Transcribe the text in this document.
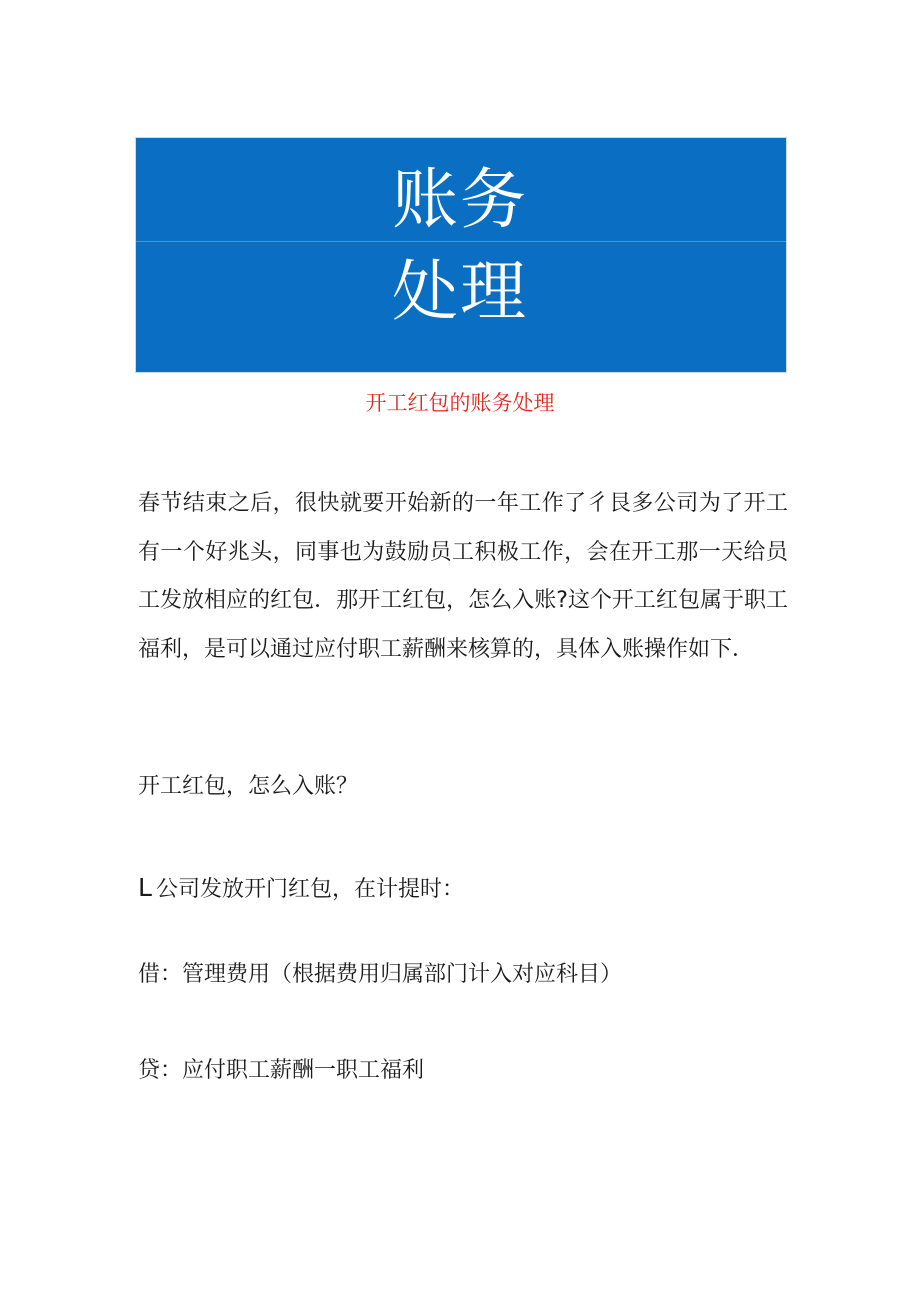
账务
处理
开工红包的账务处理
春节结束之后，很快就要开始新的一年工作了彳艮多公司为了开工有一个好兆头，同事也为鼓励员工积极工作，会在开工那一天给员工发放相应的红包．那开工红包，怎么入账?这个开工红包属于职工福利，是可以通过应付职工薪酬来核算的，具体入账操作如下．
开工红包，怎么入账？
L 公司发放开门红包，在计提时：
借：管理费用（根据费用归属部门计入对应科目）
贷：应付职工薪酬一职工福利
